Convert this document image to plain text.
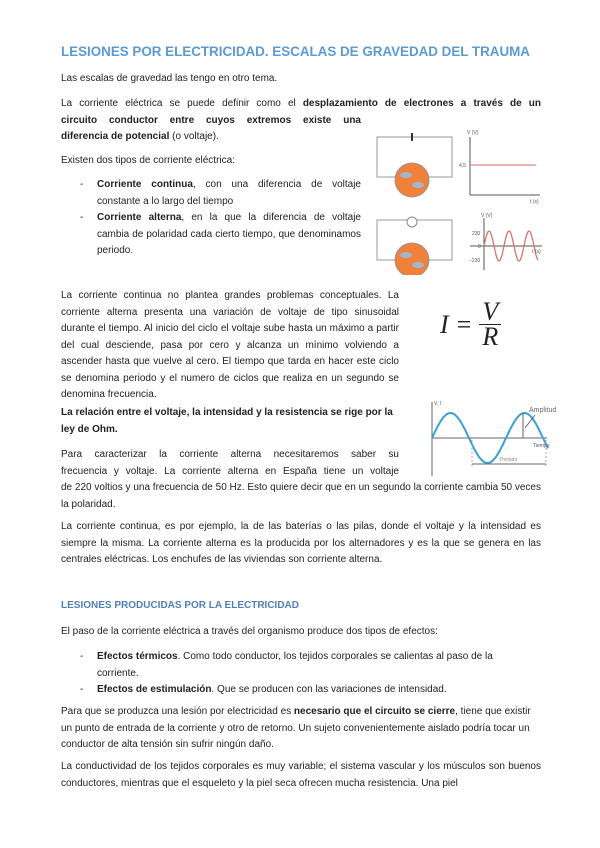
LESIONES POR ELECTRICIDAD. ESCALAS DE GRAVEDAD DEL TRAUMA
Las escalas de gravedad las tengo en otro tema.
La corriente eléctrica se puede definir como el desplazamiento de electrones a través de un
circuito conductor entre cuyos extremos existe una
diferencia de potencial (o voltaje).
Existen dos tipos de corriente eléctrica:
- Corriente continua, con una diferencia de voltaje constante a lo largo del tiempo
- Corriente alterna, en la que la diferencia de voltaje cambia de polaridad cada cierto tiempo, que denominamos periodo.
V (V)
t (s)
4,5
V (V)
230
0
−230
t (s)
La corriente continua no plantea grandes problemas conceptuales. La corriente alterna presenta una variación de voltaje de tipo sinusoidal durante el tiempo. Al inicio del ciclo el voltaje sube hasta un máximo a partir del cual desciende, pasa por cero y alcanza un mínimo volviendo a ascender hasta que vuelve al cero. El tiempo que tarda en hacer este ciclo se denomina periodo y el numero de ciclos que realiza en un segundo se denomina frecuencia.
I = V
R
La relación entre el voltaje, la intensidad y la resistencia se rige por la ley de Ohm.
Para caracterizar la corriente alterna necesitaremos saber su
frecuencia y voltaje. La corriente alterna en España tiene un voltaje
de 220 voltios y una frecuencia de 50 Hz. Esto quiere decir que en un segundo la corriente cambia 50 veces la polaridad.
V, I
Tiempo
Amplitud
Periodo
La corriente continua, es por ejemplo, la de las baterías o las pilas, donde el voltaje y la intensidad es siempre la misma. La corriente alterna es la producida por los alternadores y es la que se genera en las centrales eléctricas. Los enchufes de las viviendas son corriente alterna.
LESIONES PRODUCIDAS POR LA ELECTRICIDAD
El paso de la corriente eléctrica a través del organismo produce dos tipos de efectos:
- Efectos térmicos. Como todo conductor, los tejidos corporales se calientas al paso de la corriente.
- Efectos de estimulación. Que se producen con las variaciones de intensidad.
Para que se produzca una lesión por electricidad es necesario que el circuito se cierre, tiene que existir un punto de entrada de la corriente y otro de retorno. Un sujeto convenientemente aislado podría tocar un conductor de alta tensión sin sufrir ningún daño.
La conductividad de los tejidos corporales es muy variable; el sistema vascular y los músculos son buenos conductores, mientras que el esqueleto y la piel seca ofrecen mucha resistencia. Una piel
